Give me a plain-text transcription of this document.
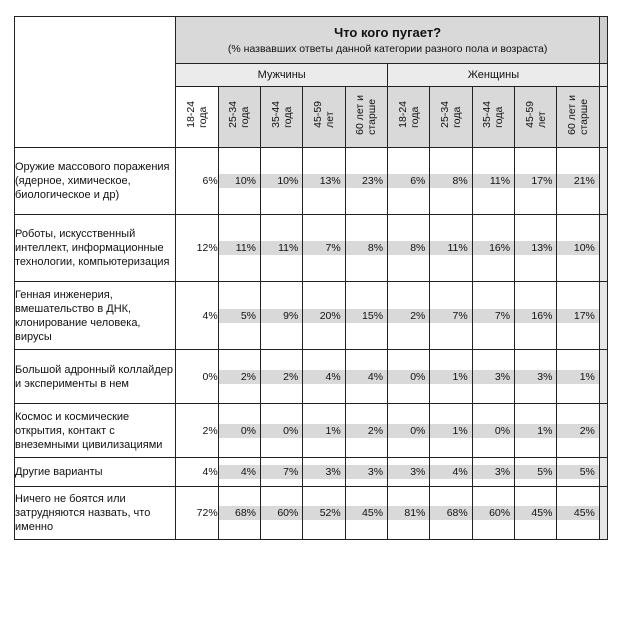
	Что кого пугает?
(% назвавших ответы данной категории разного пола и возраста)										

	Мужчины					Женщины					
	18-24
года	25-34
года	35-44
года	45-59
лет	60 лет и
старше	18-24
года	25-34
года	35-44
года	45-59
лет	60 лет и
старше	
Оружие массового поражения (ядерное, химическое, биологическое и др)	6%	10%	10%	13%	23%	6%	8%	11%	17%	21%	

Роботы, искусственный интеллект, информационные технологии, компьютеризация	12%	11%	11%	7%	8%	8%	11%	16%	13%	10%	

Генная инженерия, вмешательство в ДНК, клонирование человека, вирусы	4%	5%	9%	20%	15%	2%	7%	7%	16%	17%	

Большой адронный коллайдер и эксперименты в нем	0%	2%	2%	4%	4%	0%	1%	3%	3%	1%	

Космос и космические открытия, контакт с внеземными цивилизациями	2%	0%	0%	1%	2%	0%	1%	0%	1%	2%	

Другие варианты	4%	4%	7%	3%	3%	3%	4%	3%	5%	5%	

Ничего не боятся или затрудняются назвать, что именно	72%	68%	60%	52%	45%	81%	68%	60%	45%	45%	
